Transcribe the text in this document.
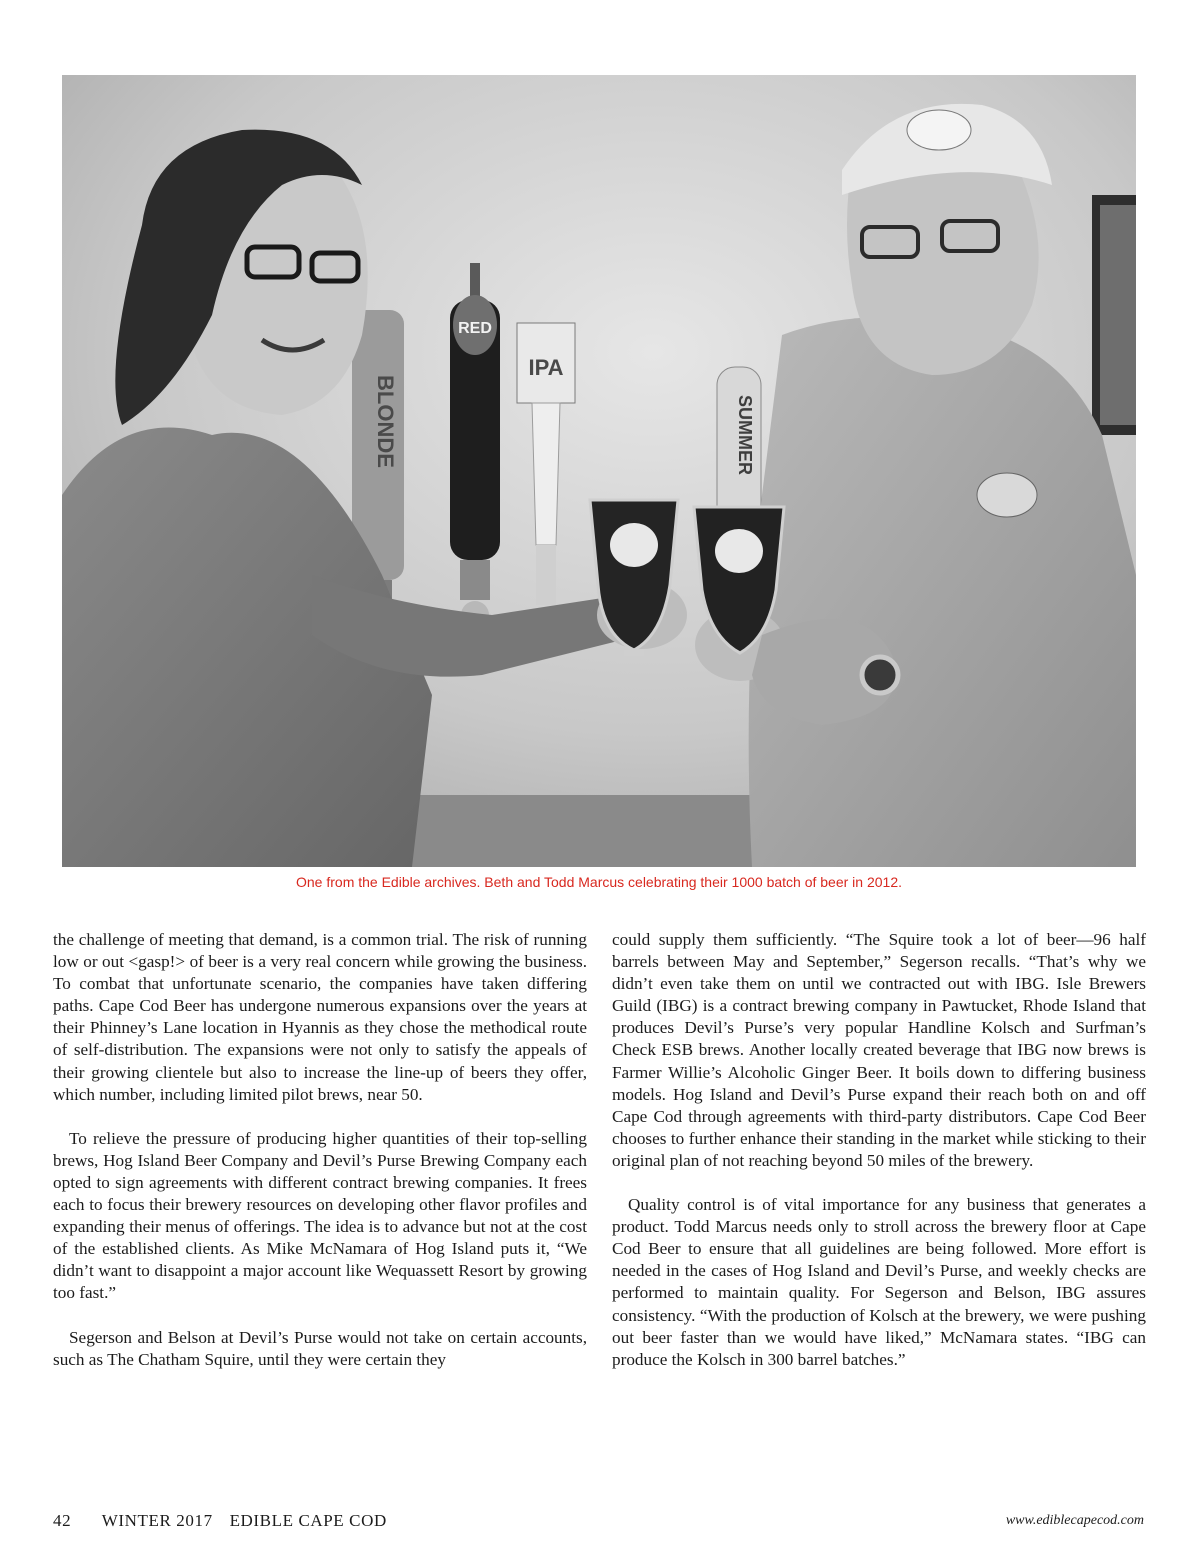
BLONDE
RED
IPA
SUMMER
One from the Edible archives. Beth and Todd Marcus celebrating their 1000 batch of beer in 2012.

the challenge of meeting that demand, is a common trial. The risk of running low or out <gasp!> of beer is a very real concern while growing the business. To combat that unfortunate scenario, the companies have taken differing paths. Cape Cod Beer has undergone numerous expansions over the years at their Phinney’s Lane location in Hyannis as they chose the methodical route of self-distribution. The expansions were not only to satisfy the appeals of their growing clientele but also to increase the line-up of beers they offer, which number, including limited pilot brews, near 50.

To relieve the pressure of producing higher quantities of their top-selling brews, Hog Island Beer Company and Devil’s Purse Brewing Company each opted to sign agreements with different contract brewing companies. It frees each to focus their brewery resources on developing other flavor profiles and expanding their menus of offerings. The idea is to advance but not at the cost of the established clients. As Mike McNamara of Hog Island puts it, “We didn’t want to disappoint a major account like Wequassett Resort by growing too fast.”

Segerson and Belson at Devil’s Purse would not take on certain accounts, such as The Chatham Squire, until they were certain they

could supply them sufficiently. “The Squire took a lot of beer—96 half barrels between May and September,” Segerson recalls. “That’s why we didn’t even take them on until we contracted out with IBG. Isle Brewers Guild (IBG) is a contract brewing company in Pawtucket, Rhode Island that produces Devil’s Purse’s very popular Handline Kolsch and Surfman’s Check ESB brews. Another locally created beverage that IBG now brews is Farmer Willie’s Alcoholic Ginger Beer. It boils down to differing business models. Hog Island and Devil’s Purse expand their reach both on and off Cape Cod through agreements with third-party distributors. Cape Cod Beer chooses to further enhance their standing in the market while sticking to their original plan of not reaching beyond 50 miles of the brewery.

Quality control is of vital importance for any business that generates a product. Todd Marcus needs only to stroll across the brewery floor at Cape Cod Beer to ensure that all guidelines are being followed. More effort is needed in the cases of Hog Island and Devil’s Purse, and weekly checks are performed to maintain quality. For Segerson and Belson, IBG assures consistency. “With the production of Kolsch at the brewery, we were pushing out beer faster than we would have liked,” McNamara states. “IBG can produce the Kolsch in 300 barrel batches.”

42 WINTER 2017 EDIBLE CAPE COD	www.ediblecapecod.com
